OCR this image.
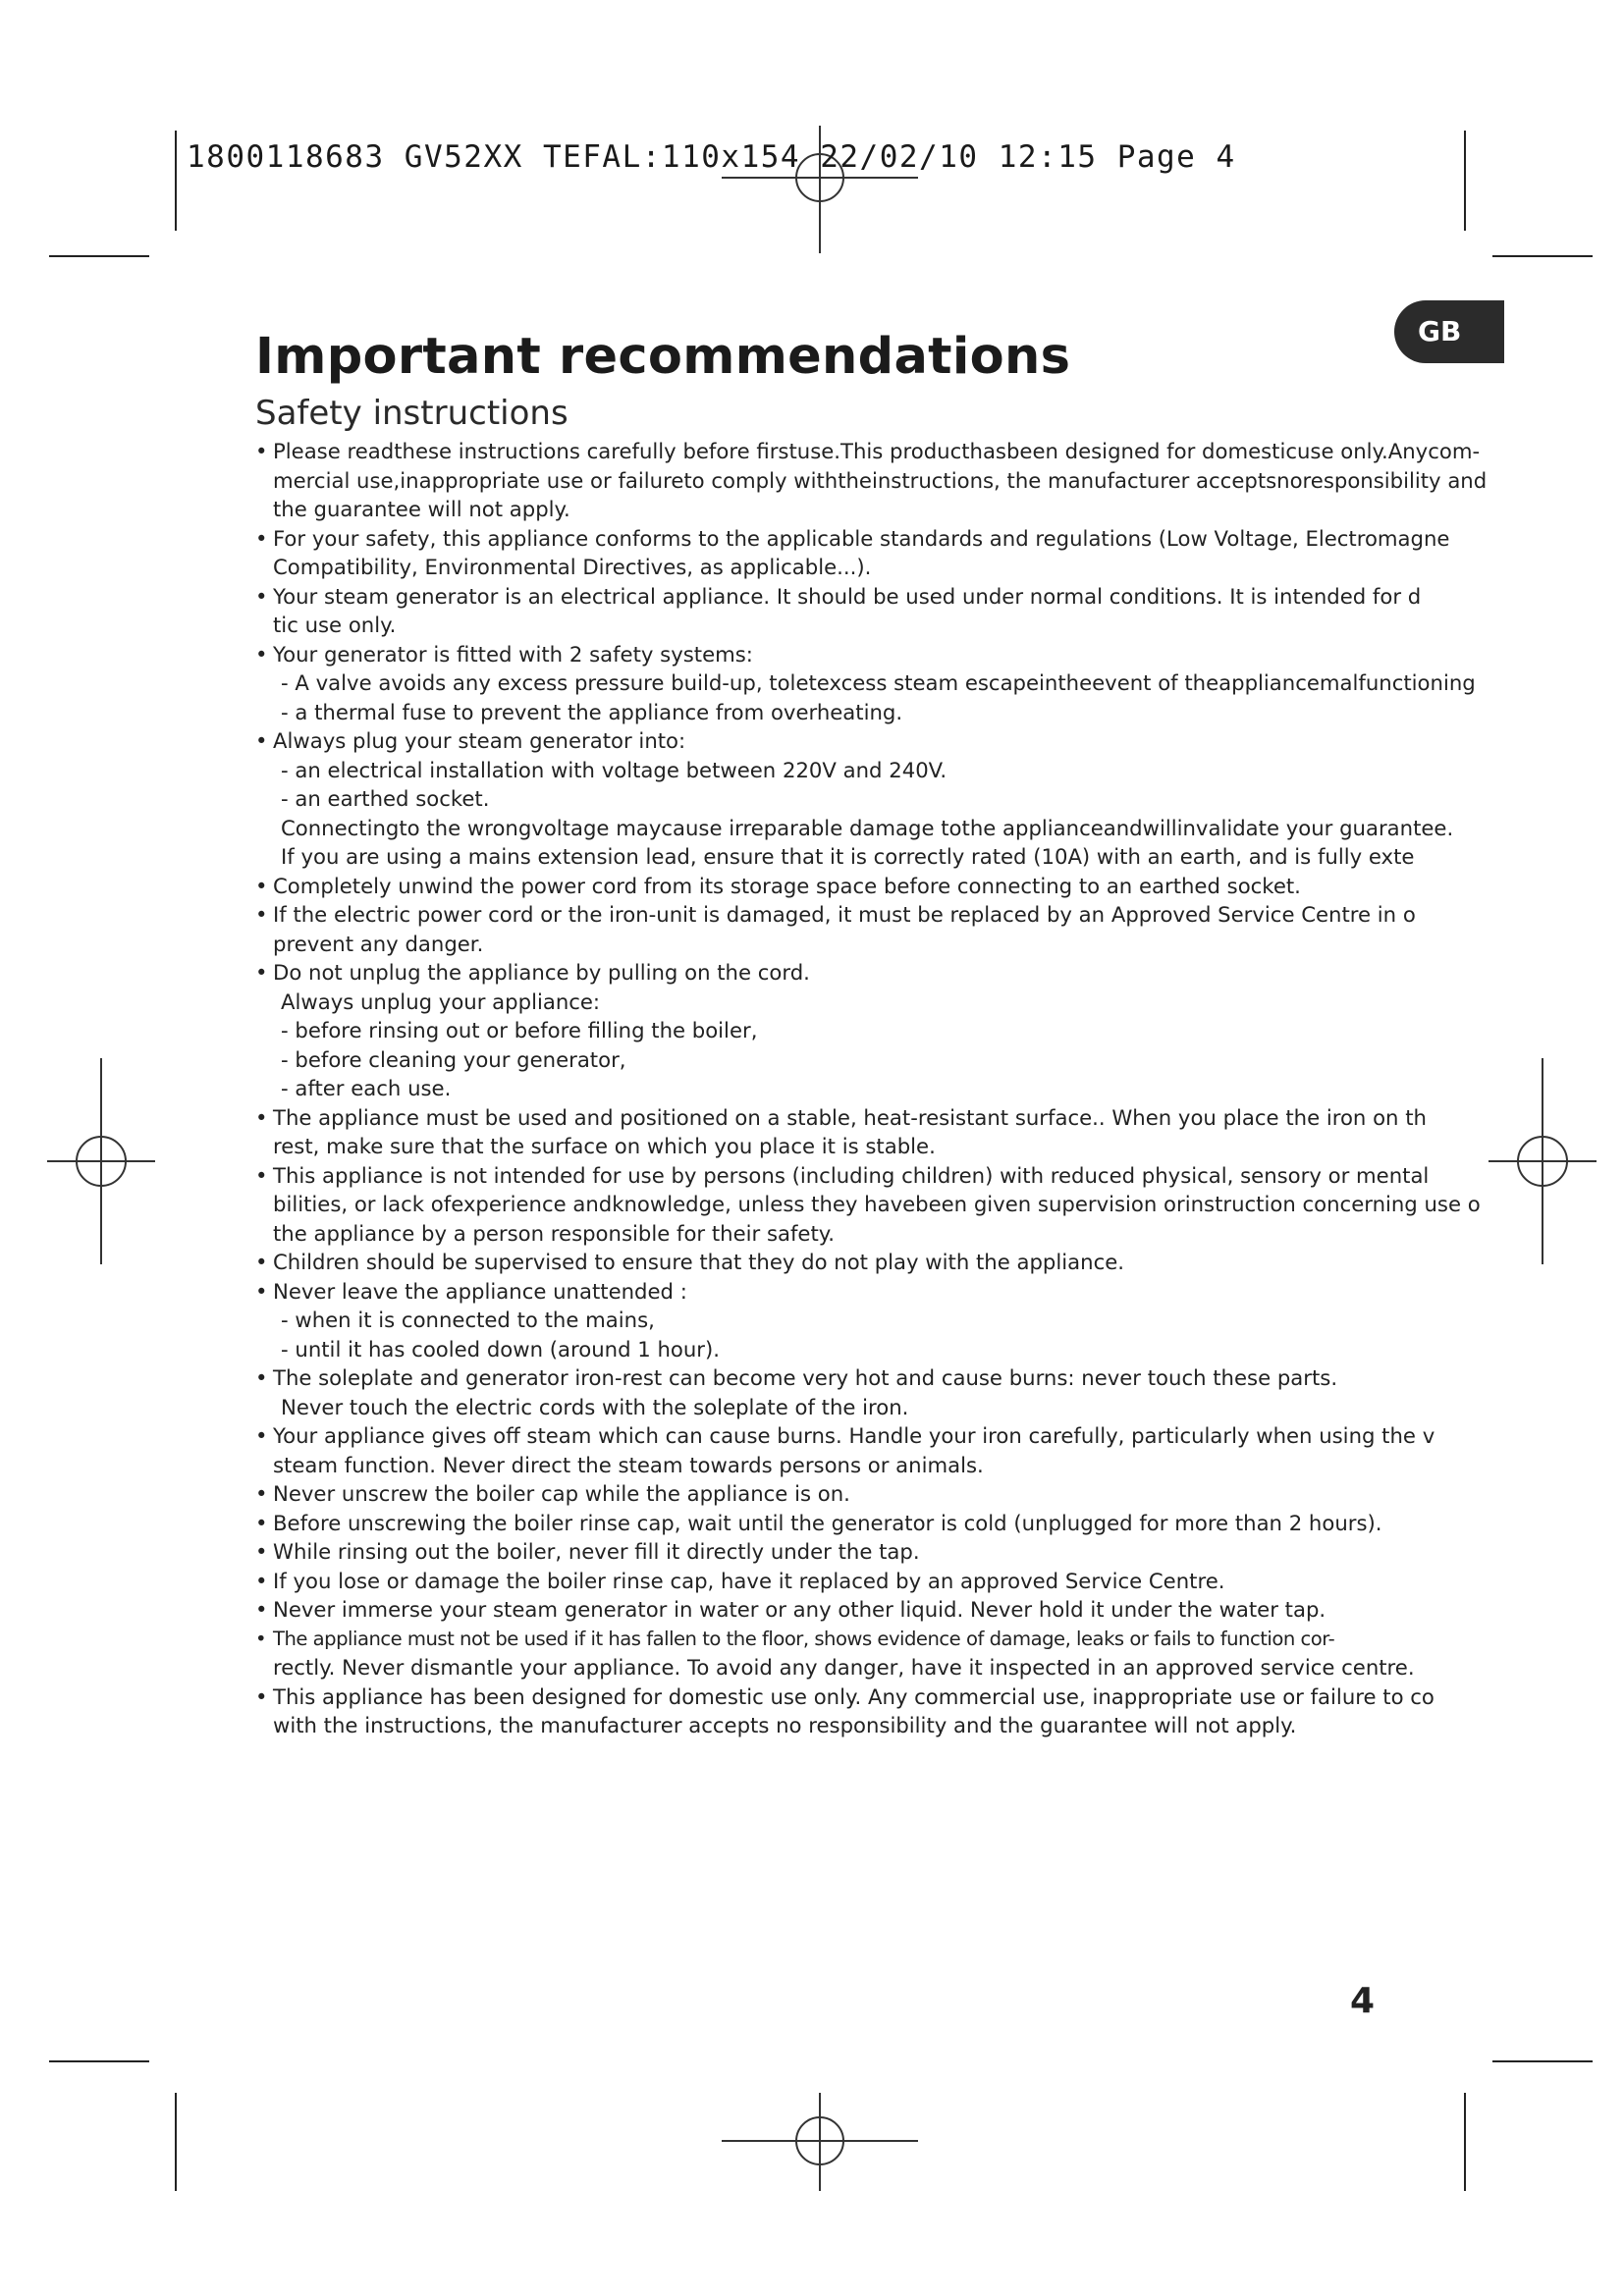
1800118683 GV52XX TEFAL:110x154 22/02/10 12:15 Page 4
GB
Important recommendations
Safety instructions
• Please readthese instructions carefully before firstuse.This producthasbeen designed for domesticuse only.Anycom-
mercial use,inappropriate use or failureto comply withtheinstructions, the manufacturer acceptsnoresponsibility and
the guarantee will not apply.
• For your safety, this appliance conforms to the applicable standards and regulations (Low Voltage, Electromagne
Compatibility, Environmental Directives, as applicable...).
• Your steam generator is an electrical appliance. It should be used under normal conditions. It is intended for d
tic use only.
• Your generator is fitted with 2 safety systems:
- A valve avoids any excess pressure build-up, toletexcess steam escapeintheevent of theappliancemalfunctioning
- a thermal fuse to prevent the appliance from overheating.
• Always plug your steam generator into:
- an electrical installation with voltage between 220V and 240V.
- an earthed socket.
Connectingto the wrongvoltage maycause irreparable damage tothe applianceandwillinvalidate your guarantee.
If you are using a mains extension lead, ensure that it is correctly rated (10A) with an earth, and is fully exte
• Completely unwind the power cord from its storage space before connecting to an earthed socket.
• If the electric power cord or the iron-unit is damaged, it must be replaced by an Approved Service Centre in o
prevent any danger.
• Do not unplug the appliance by pulling on the cord.
Always unplug your appliance:
- before rinsing out or before filling the boiler,
- before cleaning your generator,
- after each use.
• The appliance must be used and positioned on a stable, heat-resistant surface.. When you place the iron on th
rest, make sure that the surface on which you place it is stable.
• This appliance is not intended for use by persons (including children) with reduced physical, sensory or mental
bilities, or lack ofexperience andknowledge, unless they havebeen given supervision orinstruction concerning use o
the appliance by a person responsible for their safety.
• Children should be supervised to ensure that they do not play with the appliance.
• Never leave the appliance unattended :
- when it is connected to the mains,
- until it has cooled down (around 1 hour).
• The soleplate and generator iron-rest can become very hot and cause burns: never touch these parts.
Never touch the electric cords with the soleplate of the iron.
• Your appliance gives off steam which can cause burns. Handle your iron carefully, particularly when using the v
steam function. Never direct the steam towards persons or animals.
• Never unscrew the boiler cap while the appliance is on.
• Before unscrewing the boiler rinse cap, wait until the generator is cold (unplugged for more than 2 hours).
• While rinsing out the boiler, never fill it directly under the tap.
• If you lose or damage the boiler rinse cap, have it replaced by an approved Service Centre.
• Never immerse your steam generator in water or any other liquid. Never hold it under the water tap.
• The appliance must not be used if it has fallen to the floor, shows evidence of damage, leaks or fails to function cor-
rectly. Never dismantle your appliance. To avoid any danger, have it inspected in an approved service centre.
• This appliance has been designed for domestic use only. Any commercial use, inappropriate use or failure to co
with the instructions, the manufacturer accepts no responsibility and the guarantee will not apply.
4
